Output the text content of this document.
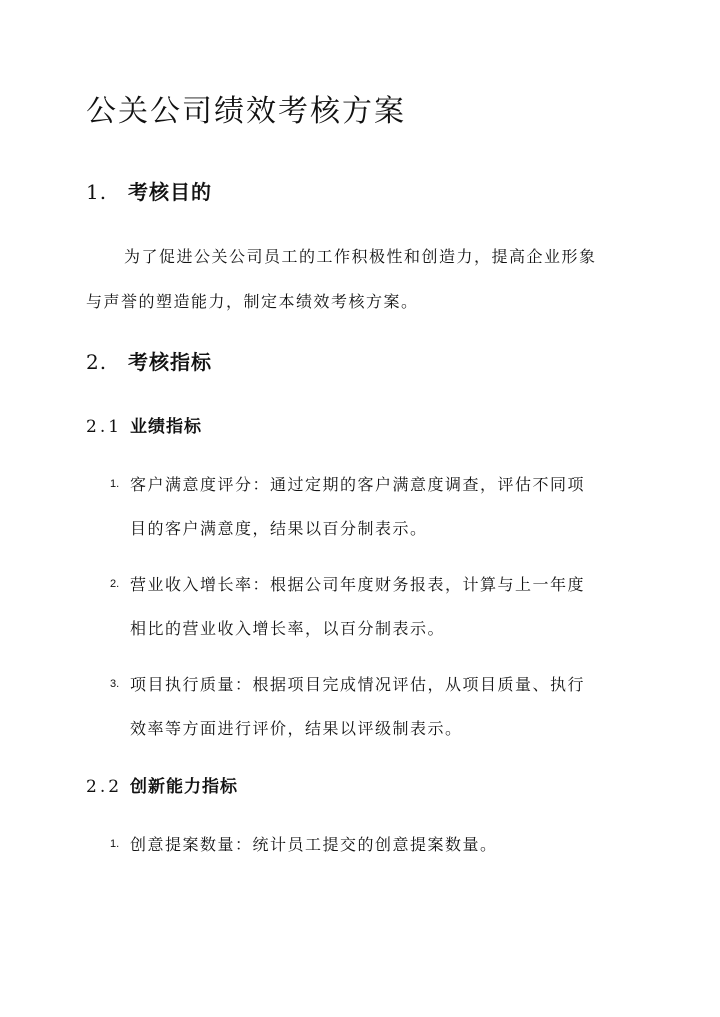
公关公司绩效考核方案
1. 考核目的
为了促进公关公司员工的工作积极性和创造力，提高企业形象
与声誉的塑造能力，制定本绩效考核方案。
2. 考核指标
2.1 业绩指标
1. 客户满意度评分：通过定期的客户满意度调查，评估不同项
目的客户满意度，结果以百分制表示。
2. 营业收入增长率：根据公司年度财务报表，计算与上一年度
相比的营业收入增长率，以百分制表示。
3. 项目执行质量：根据项目完成情况评估，从项目质量、执行
效率等方面进行评价，结果以评级制表示。
2.2 创新能力指标
1. 创意提案数量：统计员工提交的创意提案数量。
